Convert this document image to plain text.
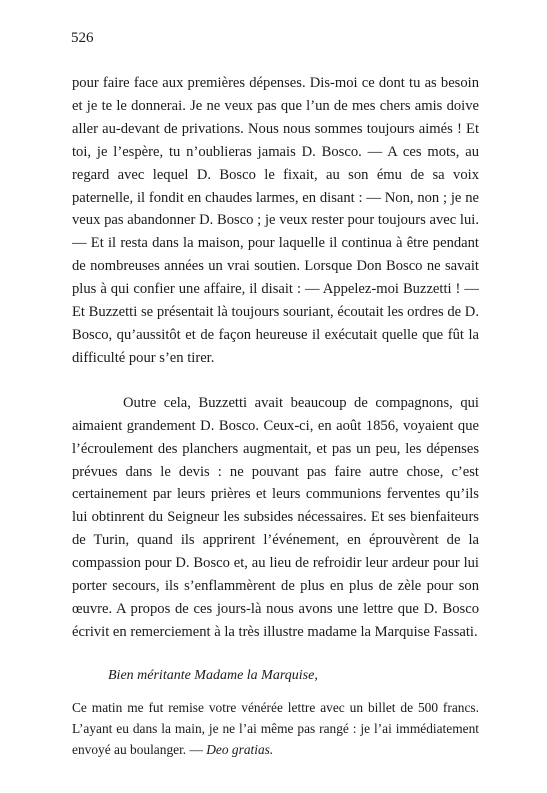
526

pour faire face aux premières dépenses. Dis-moi ce dont tu as besoin et je te le donnerai. Je ne veux pas que l’un de mes chers amis doive aller au-devant de privations. Nous nous sommes toujours aimés ! Et toi, je l’espère, tu n’oublieras jamais D. Bosco. — A ces mots, au regard avec lequel D. Bosco le fixait, au son ému de sa voix paternelle, il fondit en chaudes larmes, en disant : — Non, non ; je ne veux pas abandonner D. Bosco ; je veux rester pour toujours avec lui. — Et il resta dans la maison, pour laquelle il continua à être pendant de nombreuses années un vrai soutien. Lorsque Don Bosco ne savait plus à qui confier une affaire, il disait : — Appelez-moi Buzzetti ! — Et Buzzetti se présentait là toujours souriant, écoutait les ordres de D. Bosco, qu’aussitôt et de façon heureuse il exécutait quelle que fût la difficulté pour s’en tirer.

Outre cela, Buzzetti avait beaucoup de compagnons, qui aimaient grandement D. Bosco. Ceux-ci, en août 1856, voyaient que l’écroulement des planchers augmentait, et pas un peu, les dépenses prévues dans le devis : ne pouvant pas faire autre chose, c’est certainement par leurs prières et leurs communions ferventes qu’ils lui obtinrent du Seigneur les subsides nécessaires. Et ses bienfaiteurs de Turin, quand ils apprirent l’événement, en éprouvèrent de la compassion pour D. Bosco et, au lieu de refroidir leur ardeur pour lui porter secours, ils s’enflammèrent de plus en plus de zèle pour son œuvre. A propos de ces jours-là nous avons une lettre que D. Bosco écrivit en remerciement à la très illustre madame la Marquise Fassati.

Bien méritante Madame la Marquise,

Ce matin me fut remise votre vénérée lettre avec un billet de 500 francs. L’ayant eu dans la main, je ne l’ai même pas rangé : je l’ai immédiatement envoyé au boulanger. — Deo gratias.
